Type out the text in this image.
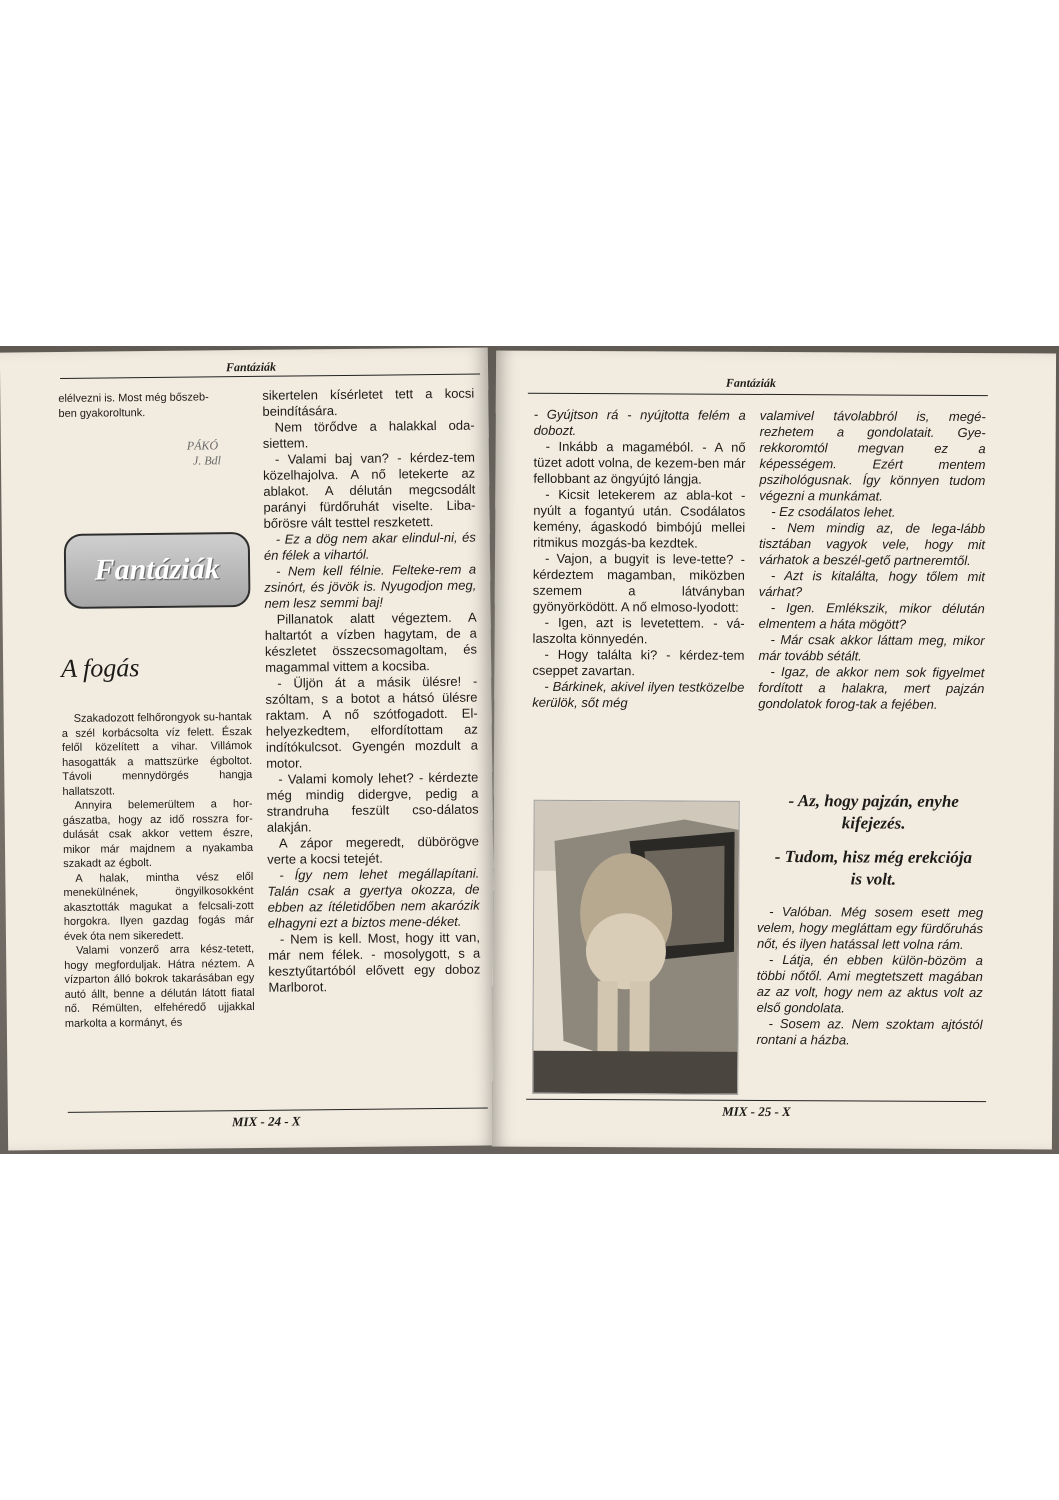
Fantáziák

elélvezni is. Most még bőszeb-

ben gyakoroltunk.

PÁKÓ
J. Bdl
Fantáziák
A fogás

Szakadozott felhőrongyok su-hantak a szél korbácsolta víz felett. Észak felől közelített a vihar. Villámok hasogatták a mattszürke égboltot. Távoli mennydörgés hangja hallatszott.

Annyira belemerültem a hor-gászatba, hogy az idő rosszra for-dulását csak akkor vettem észre, mikor már majdnem a nyakamba szakadt az égbolt.

A halak, mintha vész elől menekülnének, öngyilkosokként akasztották magukat a felcsali-zott horgokra. Ilyen gazdag fogás már évek óta nem sikeredett.

Valami vonzerő arra kész-tetett, hogy megforduljak. Hátra néztem. A vízparton álló bokrok takarásában egy autó állt, benne a délután látott fiatal nő. Rémülten, elfehéredő ujjakkal markolta a kormányt, és

sikertelen kísérletet tett a kocsi beindítására.

Nem törődve a halakkal oda-siettem.

- Valami baj van? - kérdez-tem közelhajolva. A nő letekerte az ablakot. A délután megcsodált parányi fürdőruhát viselte. Liba-bőrösre vált testtel reszketett.

- Ez a dög nem akar elindul-ni, és én félek a vihartól.

- Nem kell félnie. Felteke-rem a zsinórt, és jövök is. Nyugodjon meg, nem lesz semmi baj!

Pillanatok alatt végeztem. A haltartót a vízben hagytam, de a készletet összecsomagoltam, és magammal vittem a kocsiba.

- Üljön át a másik ülésre! - szóltam, s a botot a hátsó ülésre raktam. A nő szótfogadott. El-helyezkedtem, elfordítottam az indítókulcsot. Gyengén mozdult a motor.

- Valami komoly lehet? - kérdezte még mindig didergve, pedig a strandruha feszült cso-dálatos alakján.

A zápor megeredt, dübörögve verte a kocsi tetejét.

- Így nem lehet megállapítani. Talán csak a gyertya okozza, de ebben az ítéletidőben nem akarózik elhagyni ezt a biztos mene-déket.

- Nem is kell. Most, hogy itt van, már nem félek. - mosolygott, s a kesztyűtartóból elővett egy doboz Marlborot.

MIX - 24 - X
Fantáziák

- Gyújtson rá - nyújtotta felém a dobozt.

- Inkább a magaméból. - A nő tüzet adott volna, de kezem-ben már fellobbant az öngyújtó lángja.

- Kicsit letekerem az abla-kot - nyúlt a fogantyú után. Csodálatos kemény, ágaskodó bimbójú mellei ritmikus mozgás-ba kezdtek.

- Vajon, a bugyit is leve-tette? - kérdeztem magamban, miközben szemem a látványban gyönyörködött. A nő elmoso-lyodott:

- Igen, azt is levetettem. - vá-laszolta könnyedén.

- Hogy találta ki? - kérdez-tem cseppet zavartan.

- Bárkinek, akivel ilyen testközelbe kerülök, sőt még

valamivel távolabbról is, megé-rezhetem a gondolatait. Gye-rekkoromtól megvan ez a képességem. Ezért mentem pszihológusnak. Így könnyen tudom végezni a munkámat.

- Ez csodálatos lehet.

- Nem mindig az, de lega-lább tisztában vagyok vele, hogy mit várhatok a beszél-gető partneremtől.

- Azt is kitalálta, hogy tőlem mit várhat?

- Igen. Emlékszik, mikor délután elmentem a háta mögött?

- Már csak akkor láttam meg, mikor már tovább sétált.

- Igaz, de akkor nem sok figyelmet fordított a halakra, mert pajzán gondolatok forog-tak a fejében.

- Az, hogy pajzán, enyhe kifejezés.
- Tudom, hisz még erekciója is volt.

- Valóban. Még sosem esett meg velem, hogy megláttam egy fürdőruhás nőt, és ilyen hatással lett volna rám.

- Látja, én ebben külön-bözöm a többi nőtől. Ami megtetszett magában az az volt, hogy nem az aktus volt az első gondolata.

- Sosem az. Nem szoktam ajtóstól rontani a házba.

MIX - 25 - X
